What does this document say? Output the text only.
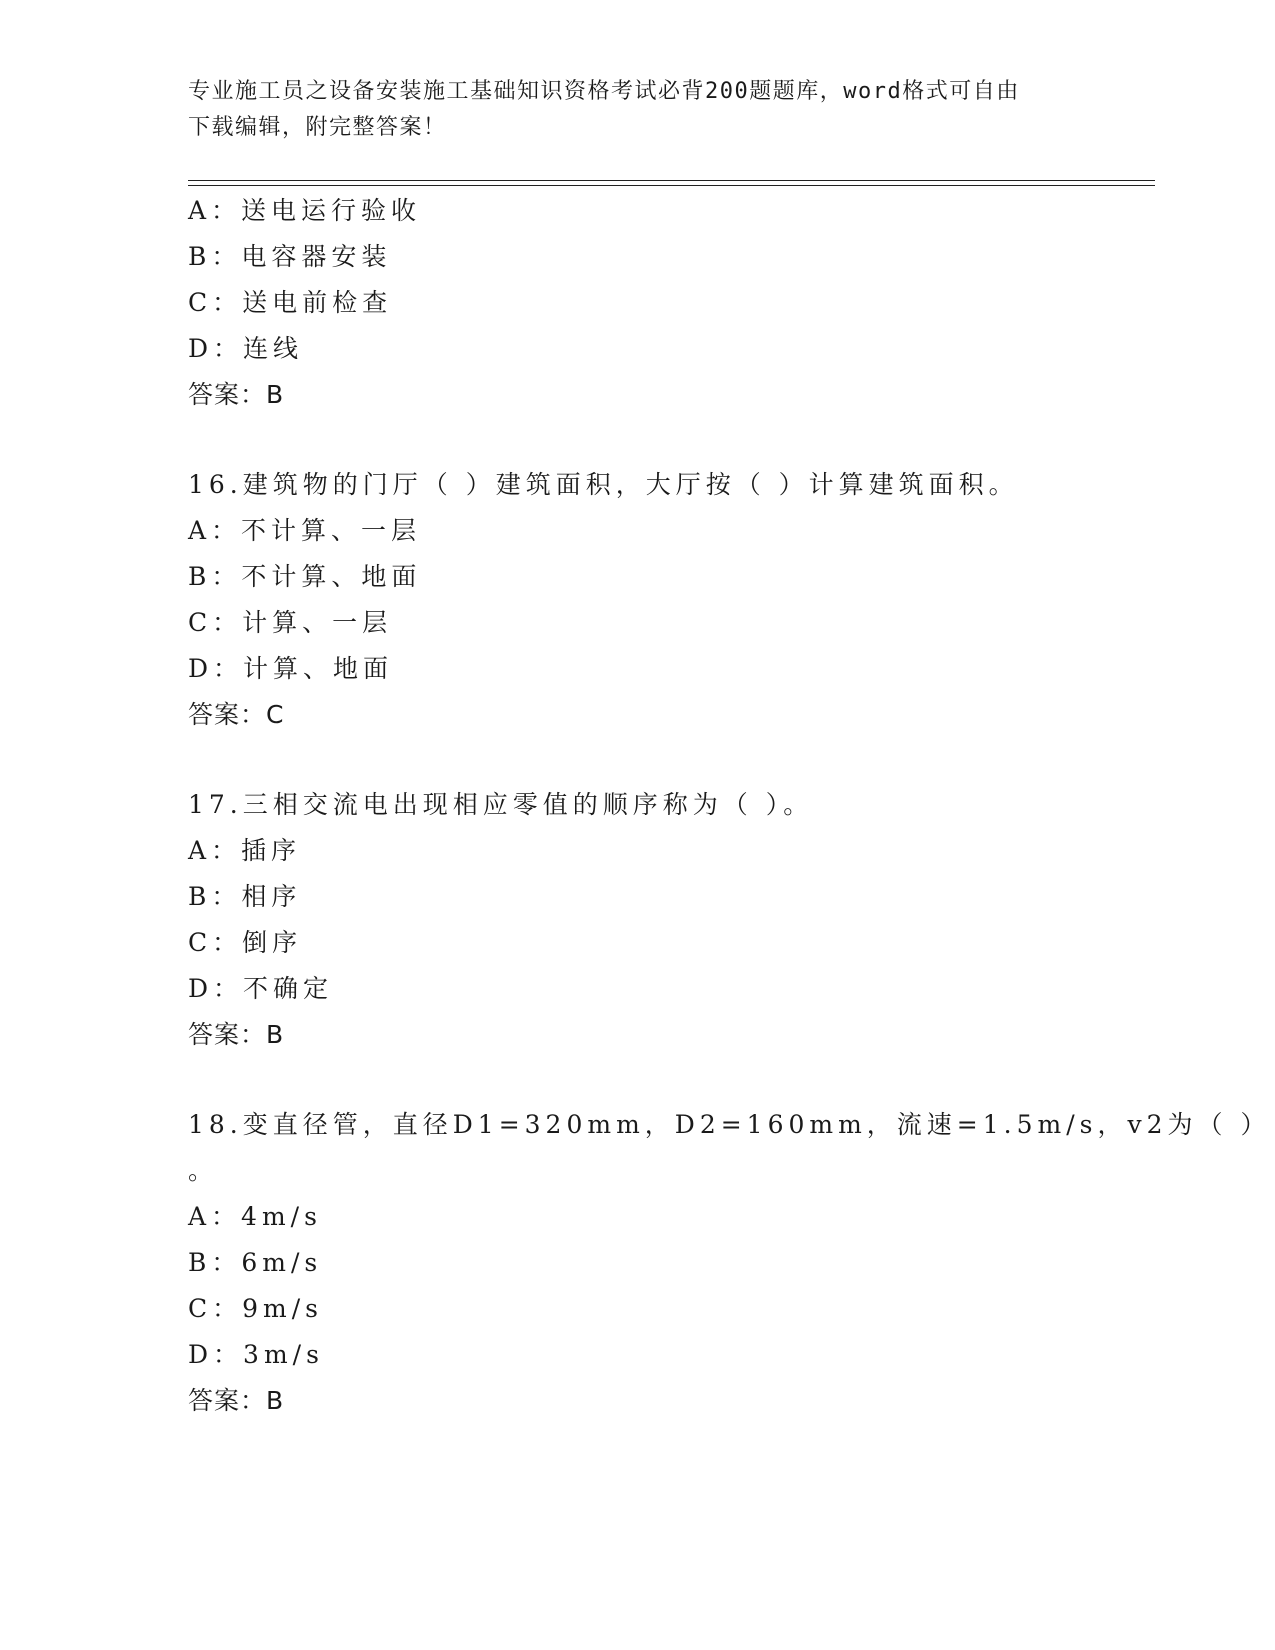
专业施工员之设备安装施工基础知识资格考试必背200题题库，word格式可自由
下载编辑，附完整答案！
A：送电运行验收
B：电容器安装
C：送电前检查
D：连线
答案：B
16.建筑物的门厅（ ）建筑面积，大厅按（ ）计算建筑面积。
A：不计算、一层
B：不计算、地面
C：计算、一层
D：计算、地面
答案：C
17.三相交流电出现相应零值的顺序称为（ ）。
A：插序
B：相序
C：倒序
D：不确定
答案：B
18.变直径管，直径D1=320mm，D2=160mm，流速=1.5m/s，v2为（ ）
。
A：4m/s
B：6m/s
C：9m/s
D：3m/s
答案：B
